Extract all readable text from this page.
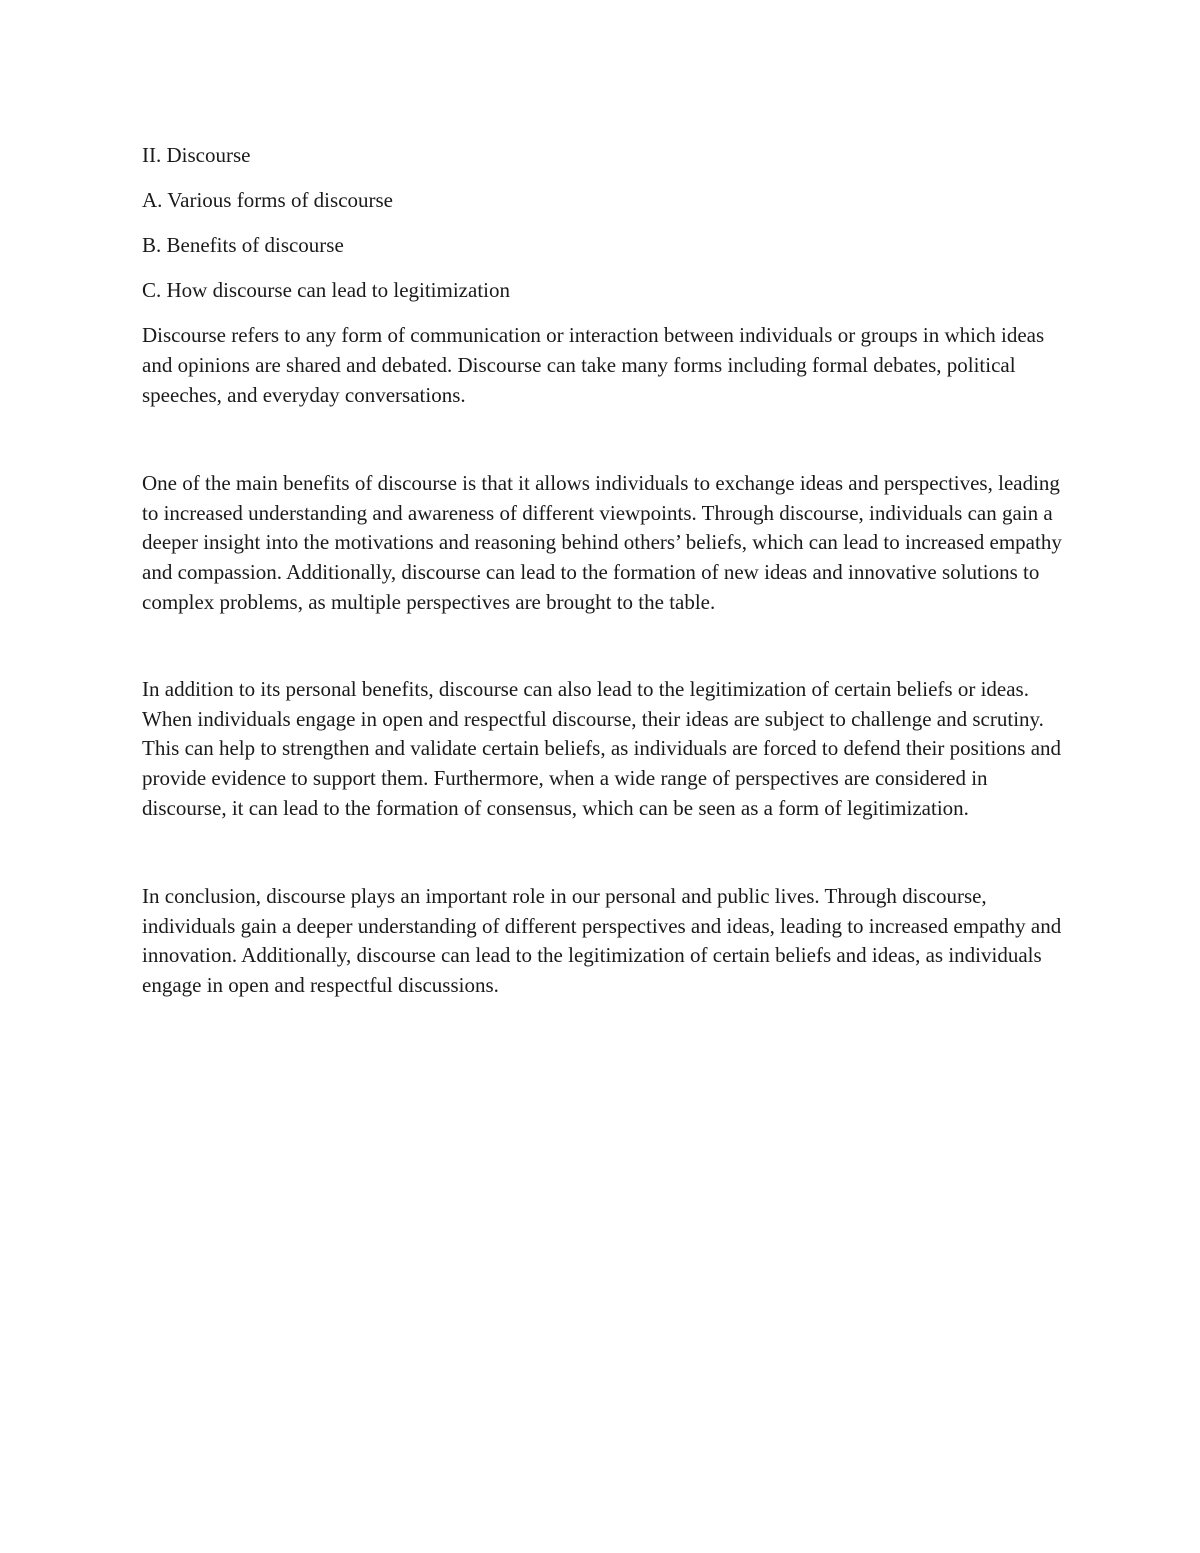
II. Discourse
A. Various forms of discourse
B. Benefits of discourse
C. How discourse can lead to legitimization

Discourse refers to any form of communication or interaction between individuals or groups in which ideas and opinions are shared and debated. Discourse can take many forms including formal debates, political speeches, and everyday conversations.

One of the main benefits of discourse is that it allows individuals to exchange ideas and perspectives, leading to increased understanding and awareness of different viewpoints. Through discourse, individuals can gain a deeper insight into the motivations and reasoning behind others’ beliefs, which can lead to increased empathy and compassion. Additionally, discourse can lead to the formation of new ideas and innovative solutions to complex problems, as multiple perspectives are brought to the table.

In addition to its personal benefits, discourse can also lead to the legitimization of certain beliefs or ideas. When individuals engage in open and respectful discourse, their ideas are subject to challenge and scrutiny. This can help to strengthen and validate certain beliefs, as individuals are forced to defend their positions and provide evidence to support them. Furthermore, when a wide range of perspectives are considered in discourse, it can lead to the formation of consensus, which can be seen as a form of legitimization.

In conclusion, discourse plays an important role in our personal and public lives. Through discourse, individuals gain a deeper understanding of different perspectives and ideas, leading to increased empathy and innovation. Additionally, discourse can lead to the legitimization of certain beliefs and ideas, as individuals engage in open and respectful discussions.
